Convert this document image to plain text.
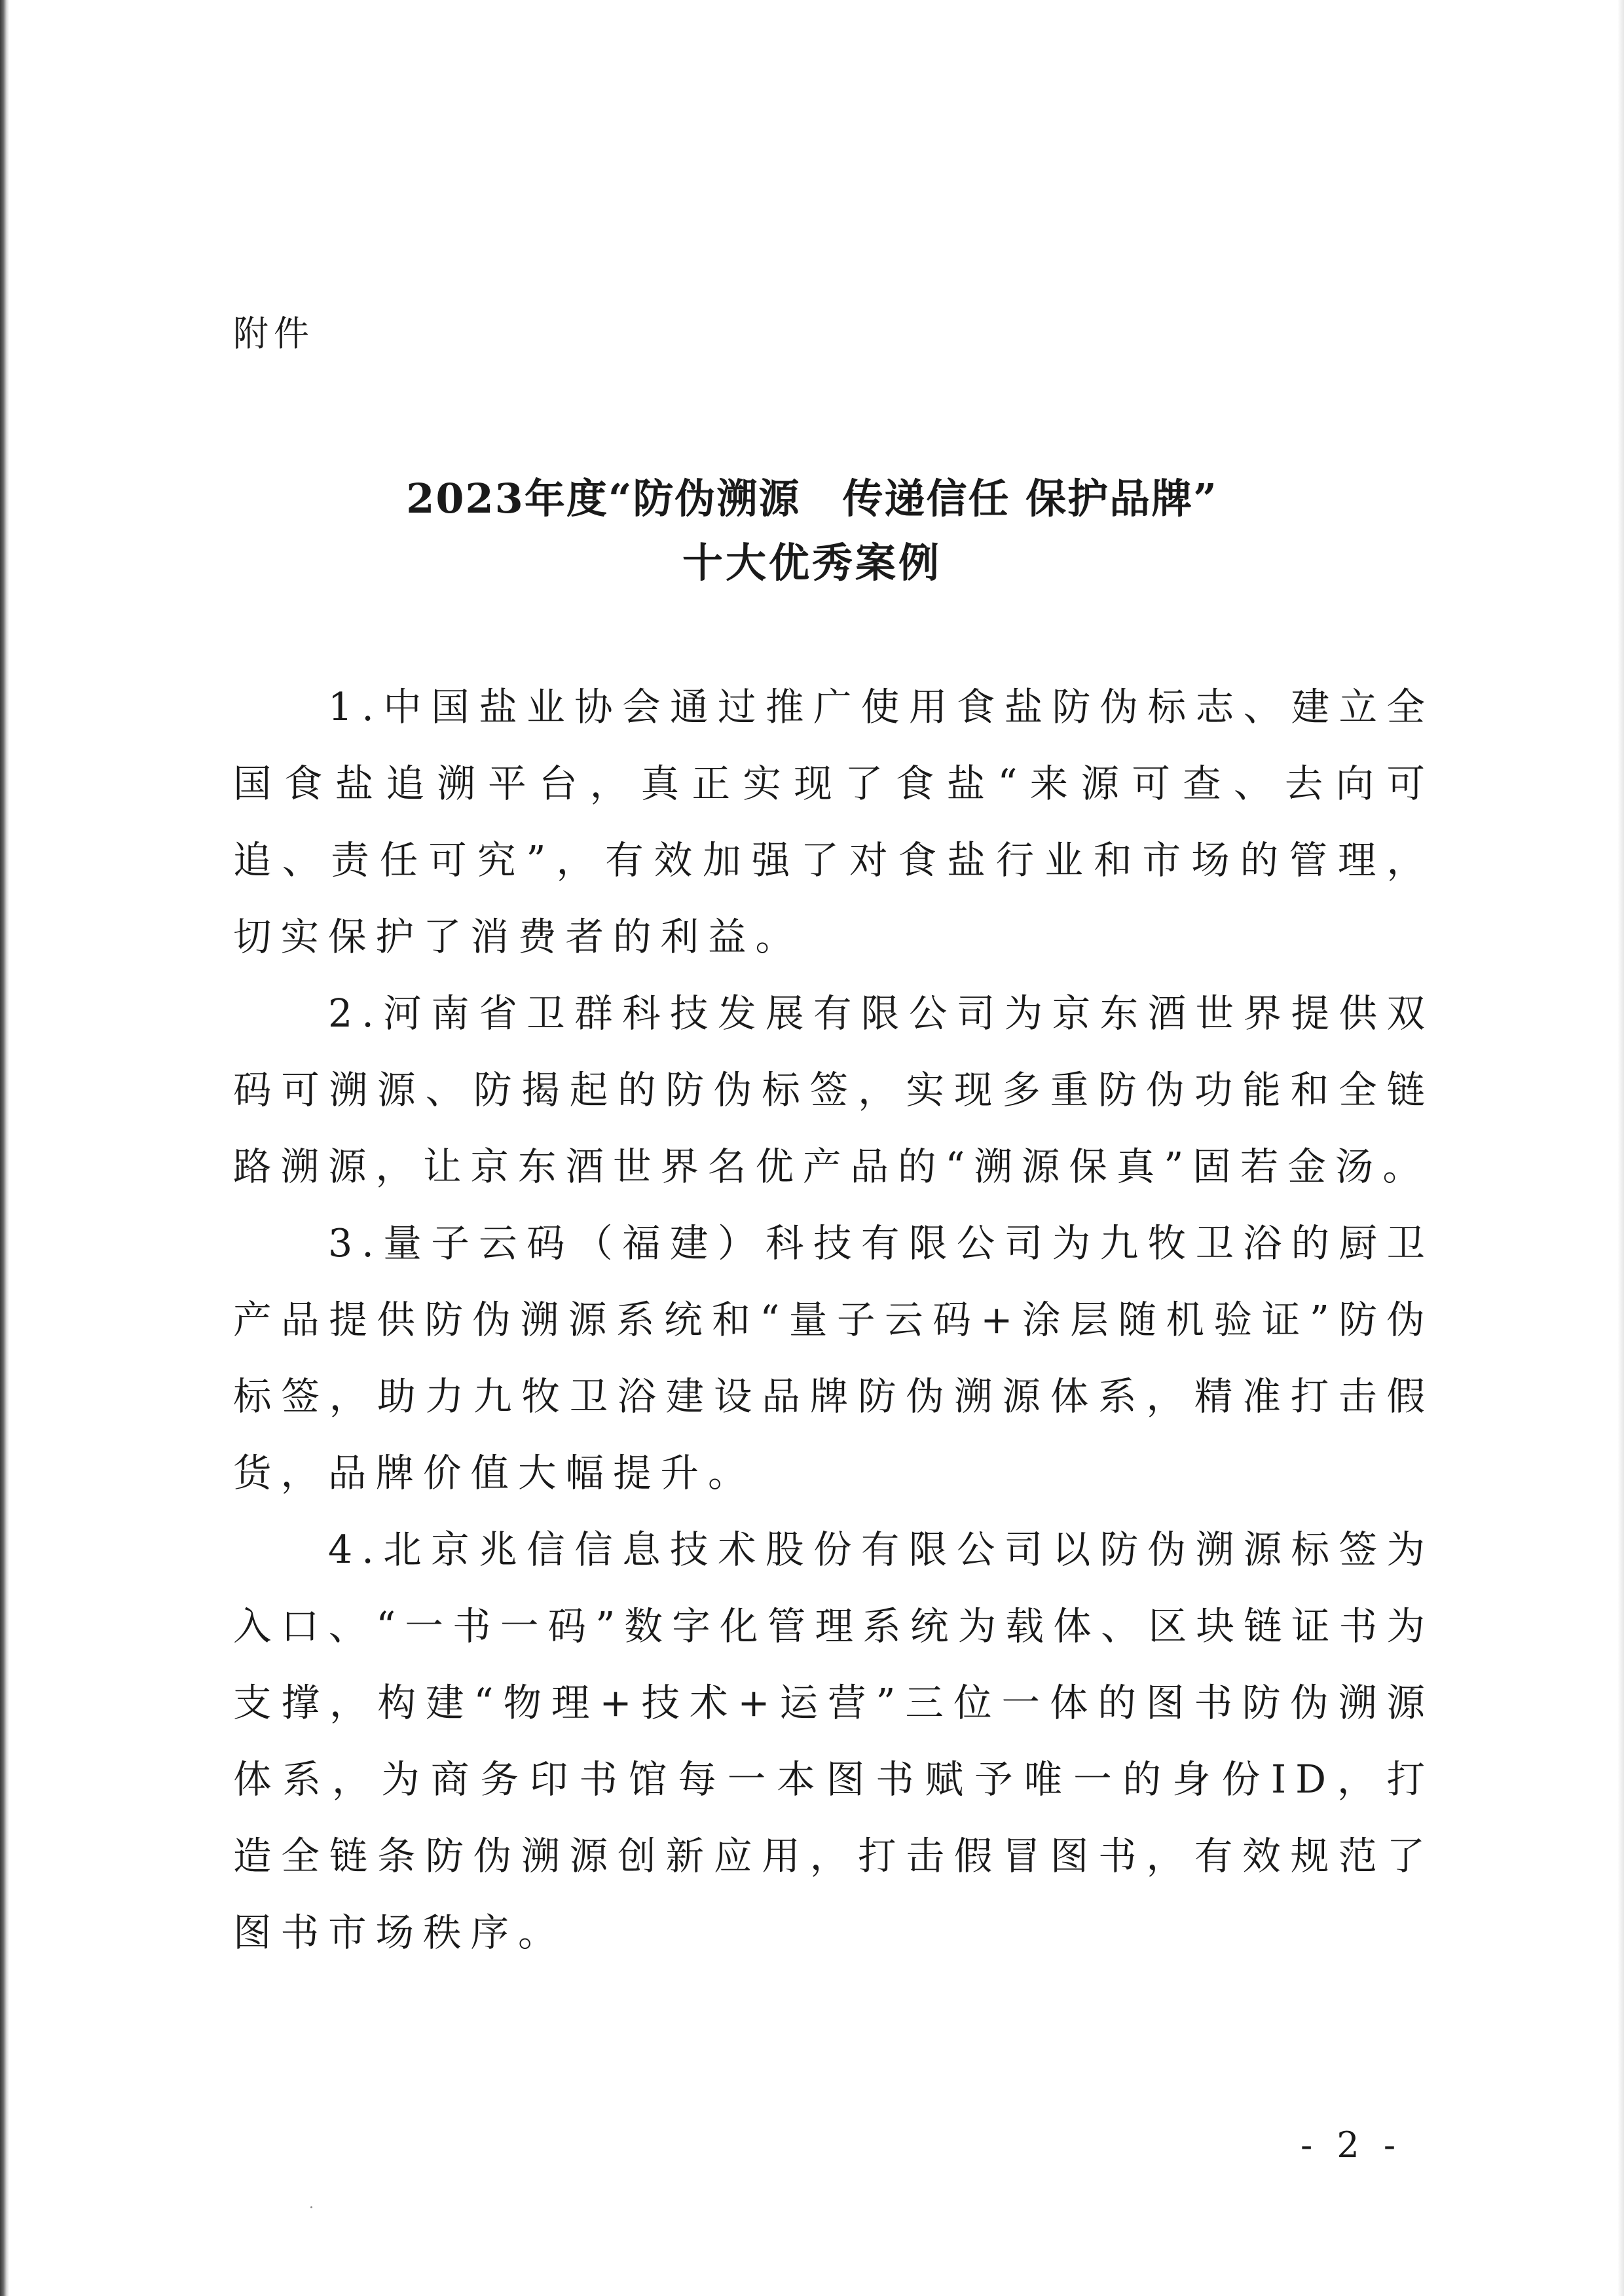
附件
2023年度“防伪溯源　传递信任 保护品牌”
十大优秀案例

1.中国盐业协会通过推广使用食盐防伪标志、建立全国食盐追溯平台，真正实现了食盐“来源可查、去向可追、责任可究”，有效加强了对食盐行业和市场的管理，切实保护了消费者的利益。

2.河南省卫群科技发展有限公司为京东酒世界提供双码可溯源、防揭起的防伪标签，实现多重防伪功能和全链路溯源，让京东酒世界名优产品的“溯源保真”固若金汤。

3.量子云码（福建）科技有限公司为九牧卫浴的厨卫产品提供防伪溯源系统和“量子云码+涂层随机验证”防伪标签，助力九牧卫浴建设品牌防伪溯源体系，精准打击假货，品牌价值大幅提升。

4.北京兆信信息技术股份有限公司以防伪溯源标签为入口、“一书一码”数字化管理系统为载体、区块链证书为支撑，构建“物理+技术+运营”三位一体的图书防伪溯源体系，为商务印书馆每一本图书赋予唯一的身份ID，打造全链条防伪溯源创新应用，打击假冒图书，有效规范了图书市场秩序。

- 2 -
